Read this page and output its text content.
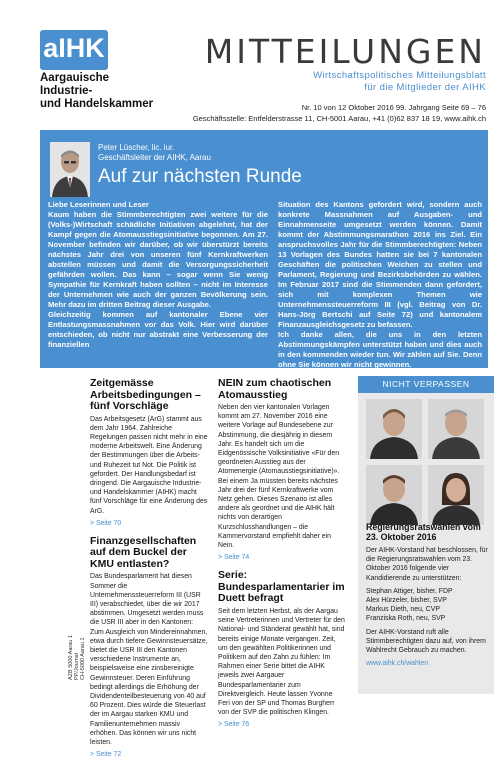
aIHK
Aargauische Industrie-
und Handelskammer
MITTEILUNGEN
Wirtschaftspolitisches Mitteilungsblatt
für die Mitglieder der AIHK
Nr. 10 von 12 Oktober 2016 99. Jahrgang Seite 69 – 76
Geschäftsstelle: Entfelderstrasse 11, CH-5001 Aarau, +41 (0)62 837 18 19, www.aihk.ch
Peter Lüscher, lic. iur.
Geschäftsleiter der AIHK, Aarau
Auf zur nächsten Runde

Liebe Leserinnen und Leser

Kaum haben die Stimmberechtigten zwei weitere für die (Volks-)Wirtschaft schädliche Initiativen abgelehnt, hat der Kampf gegen die Atomausstiegsinitiative begonnen. Am 27. November befinden wir darüber, ob wir überstürzt bereits nächstes Jahr drei von unseren fünf Kernkraftwerken abstellen müssen und damit die Versorgungssicherheit gefährden wollen. Das kann – sogar wenn Sie wenig Sympathie für Kernkraft haben sollten – nicht im Interesse der Unternehmen wie auch der ganzen Bevölkerung sein. Mehr dazu im dritten Beitrag dieser Ausgabe.

Gleichzeitig kommen auf kantonaler Ebene vier Entlastungsmassnahmen vor das Volk. Hier wird darüber entschieden, ob nicht nur abstrakt eine Verbesserung der finanziellen

Situation des Kantons gefordert wird, sondern auch konkrete Massnahmen auf Ausgaben- und Einnahmenseite umgesetzt werden können. Damit kommt der Abstimmungsmarathon 2016 ins Ziel. Ein anspruchsvolles Jahr für die Stimmberechtigten: Neben 13 Vorlagen des Bundes hatten sie bei 7 kantonalen Geschäften die politischen Weichen zu stellen und Parlament, Regierung und Bezirksbehörden zu wählen. Im Februar 2017 sind die Stimmenden dann gefordert, sich mit komplexen Themen wie Unternehmenssteuerreform III (vgl. Beitrag von Dr. Hans-Jörg Bertschi auf Seite 72) und kantonalem Finanzausgleichsgesetz zu befassen.

Ich danke allen, die uns in den letzten Abstimmungskämpfen unterstützt haben und dies auch in den kommenden wieder tun. Wir zählen auf Sie. Denn ohne Sie können wir nicht gewinnen.

Zeitgemässe Arbeitsbedingungen – fünf Vorschläge

Das Arbeitsgesetz (ArG) stammt aus dem Jahr 1964. Zahlreiche Regelungen passen nicht mehr in eine moderne Arbeitswelt. Eine Änderung der Bestimmungen über die Arbeits- und Ruhezeit tut Not. Die Politik ist gefordert. Der Handlungsbedarf ist dringend. Die Aargauische Industrie- und Handelskammer (AIHK) macht fünf Vorschläge für eine Änderung des ArG.

> Seite 70

Finanzgesellschaften auf dem Buckel der KMU entlasten?

Das Bundesparlament hat diesen Sommer die Unternehmenssteuerreform III (USR III) verabschiedet, über die wir 2017 abstimmen. Umgesetzt werden muss die USR III aber in den Kantonen: Zum Ausgleich von Mindereinnahmen, etwa durch tiefere Gewinnsteuersätze, bietet die USR III den Kantonen verschiedene Instrumente an, beispielsweise eine zinsbereinigte Gewinnsteuer. Deren Einführung bedingt allerdings die Erhöhung der Dividendenteilbesteuerung von 40 auf 60 Prozent. Dies würde die Steuerlast der im Aargau starken KMU und Familienunternehmen massiv erhöhen. Das können wir uns nicht leisten.

> Seite 72

NEIN zum chaotischen Atomausstieg

Neben den vier kantonalen Vorlagen kommt am 27. November 2016 eine weitere Vorlage auf Bundesebene zur Abstimmung, die diesjährig in diesem Jahr. Es handelt sich um die Eidgenössische Volksinitiative «Für den geordneten Ausstieg aus der Atomenergie (Atomausstiegsinitiative)». Bei einem Ja müssten bereits nächstes Jahr drei der fünf Kernkraftwerke vom Netz gehen. Dieses Szenario ist alles andere als geordnet und die AIHK hält nichts von derartigen Kurzschlusshandlungen – die Kammervorstand empfiehlt daher ein Nein.

> Seite 74

Serie: Bundesparlamentarier im Duett befragt

Seit dem letzten Herbst, als der Aargau seine Vertreterinnen und Vertreter für den National- und Ständerat gewählt hat, sind bereits einige Monate vergangen. Zeit, um den gewählten Politikerinnen und Politikern auf den Zahn zu fühlen: Im Rahmen einer Serie bittet die AIHK jeweils zwei Aargauer Bundesparlamentarier zum Direktvergleich. Heute lassen Yvonne Feri von der SP und Thomas Burgherr von der SVP die politischen Klingen.

> Seite 76

AZB 5000 Aarau 1 PP/Journal CH-5000 Aarau 1
NICHT VERPASSEN
Regierungsratswahlen vom 23. Oktober 2016

Der AIHK-Vorstand hat beschlossen, für die Regierungsratswahlen vom 23. Oktober 2016 folgende vier Kandidierende zu unterstützen:

Stephan Attiger, bisher, FDP
Alex Hürzeler, bisher, SVP
Markus Dieth, neu, CVP
Franziska Roth, neu, SVP

Der AIHK-Vorstand ruft alle Stimmberechtigten dazu auf, von ihrem Wahlrecht Gebrauch zu machen.

www.aihk.ch/wahlen
